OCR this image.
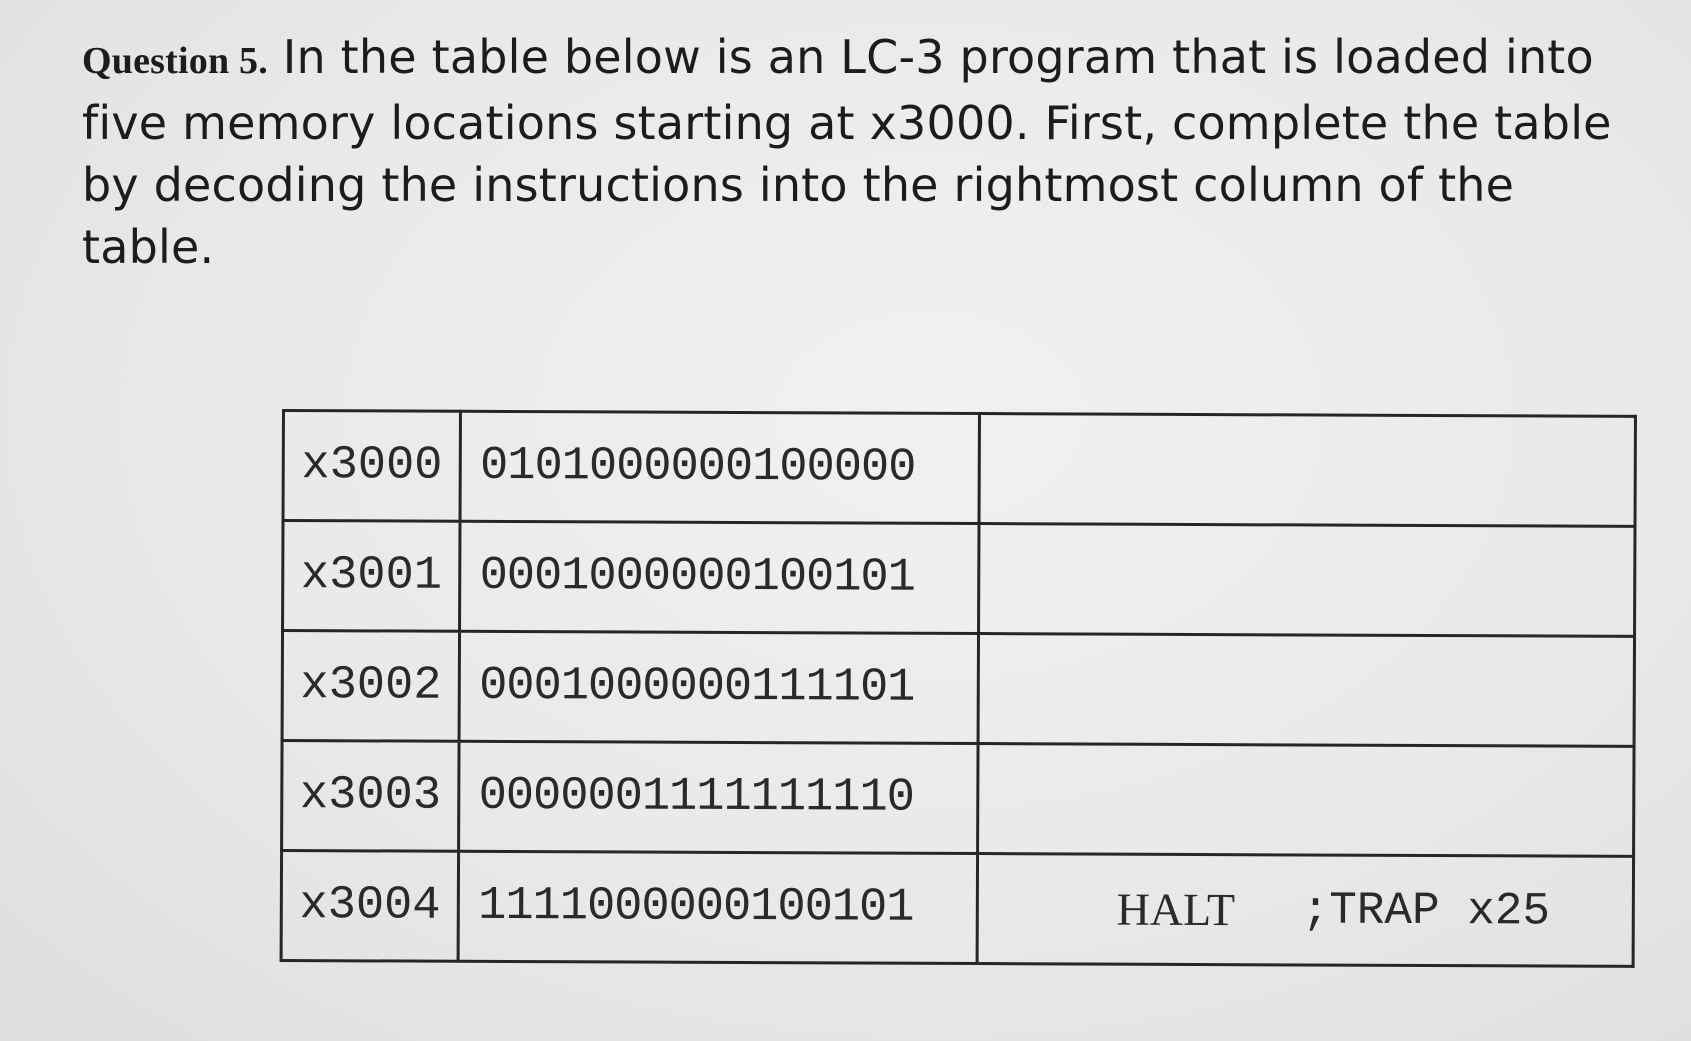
Question 5. In the table below is an LC-3 program that is loaded into five memory locations starting at x3000. First, complete the table by decoding the instructions into the rightmost column of the table.
x3000	0101000000100000	

x3001	0001000000100101	

x3002	0001000000111101	

x3003	0000001111111110	

x3004	1111000000100101	HALT ;TRAP x25
